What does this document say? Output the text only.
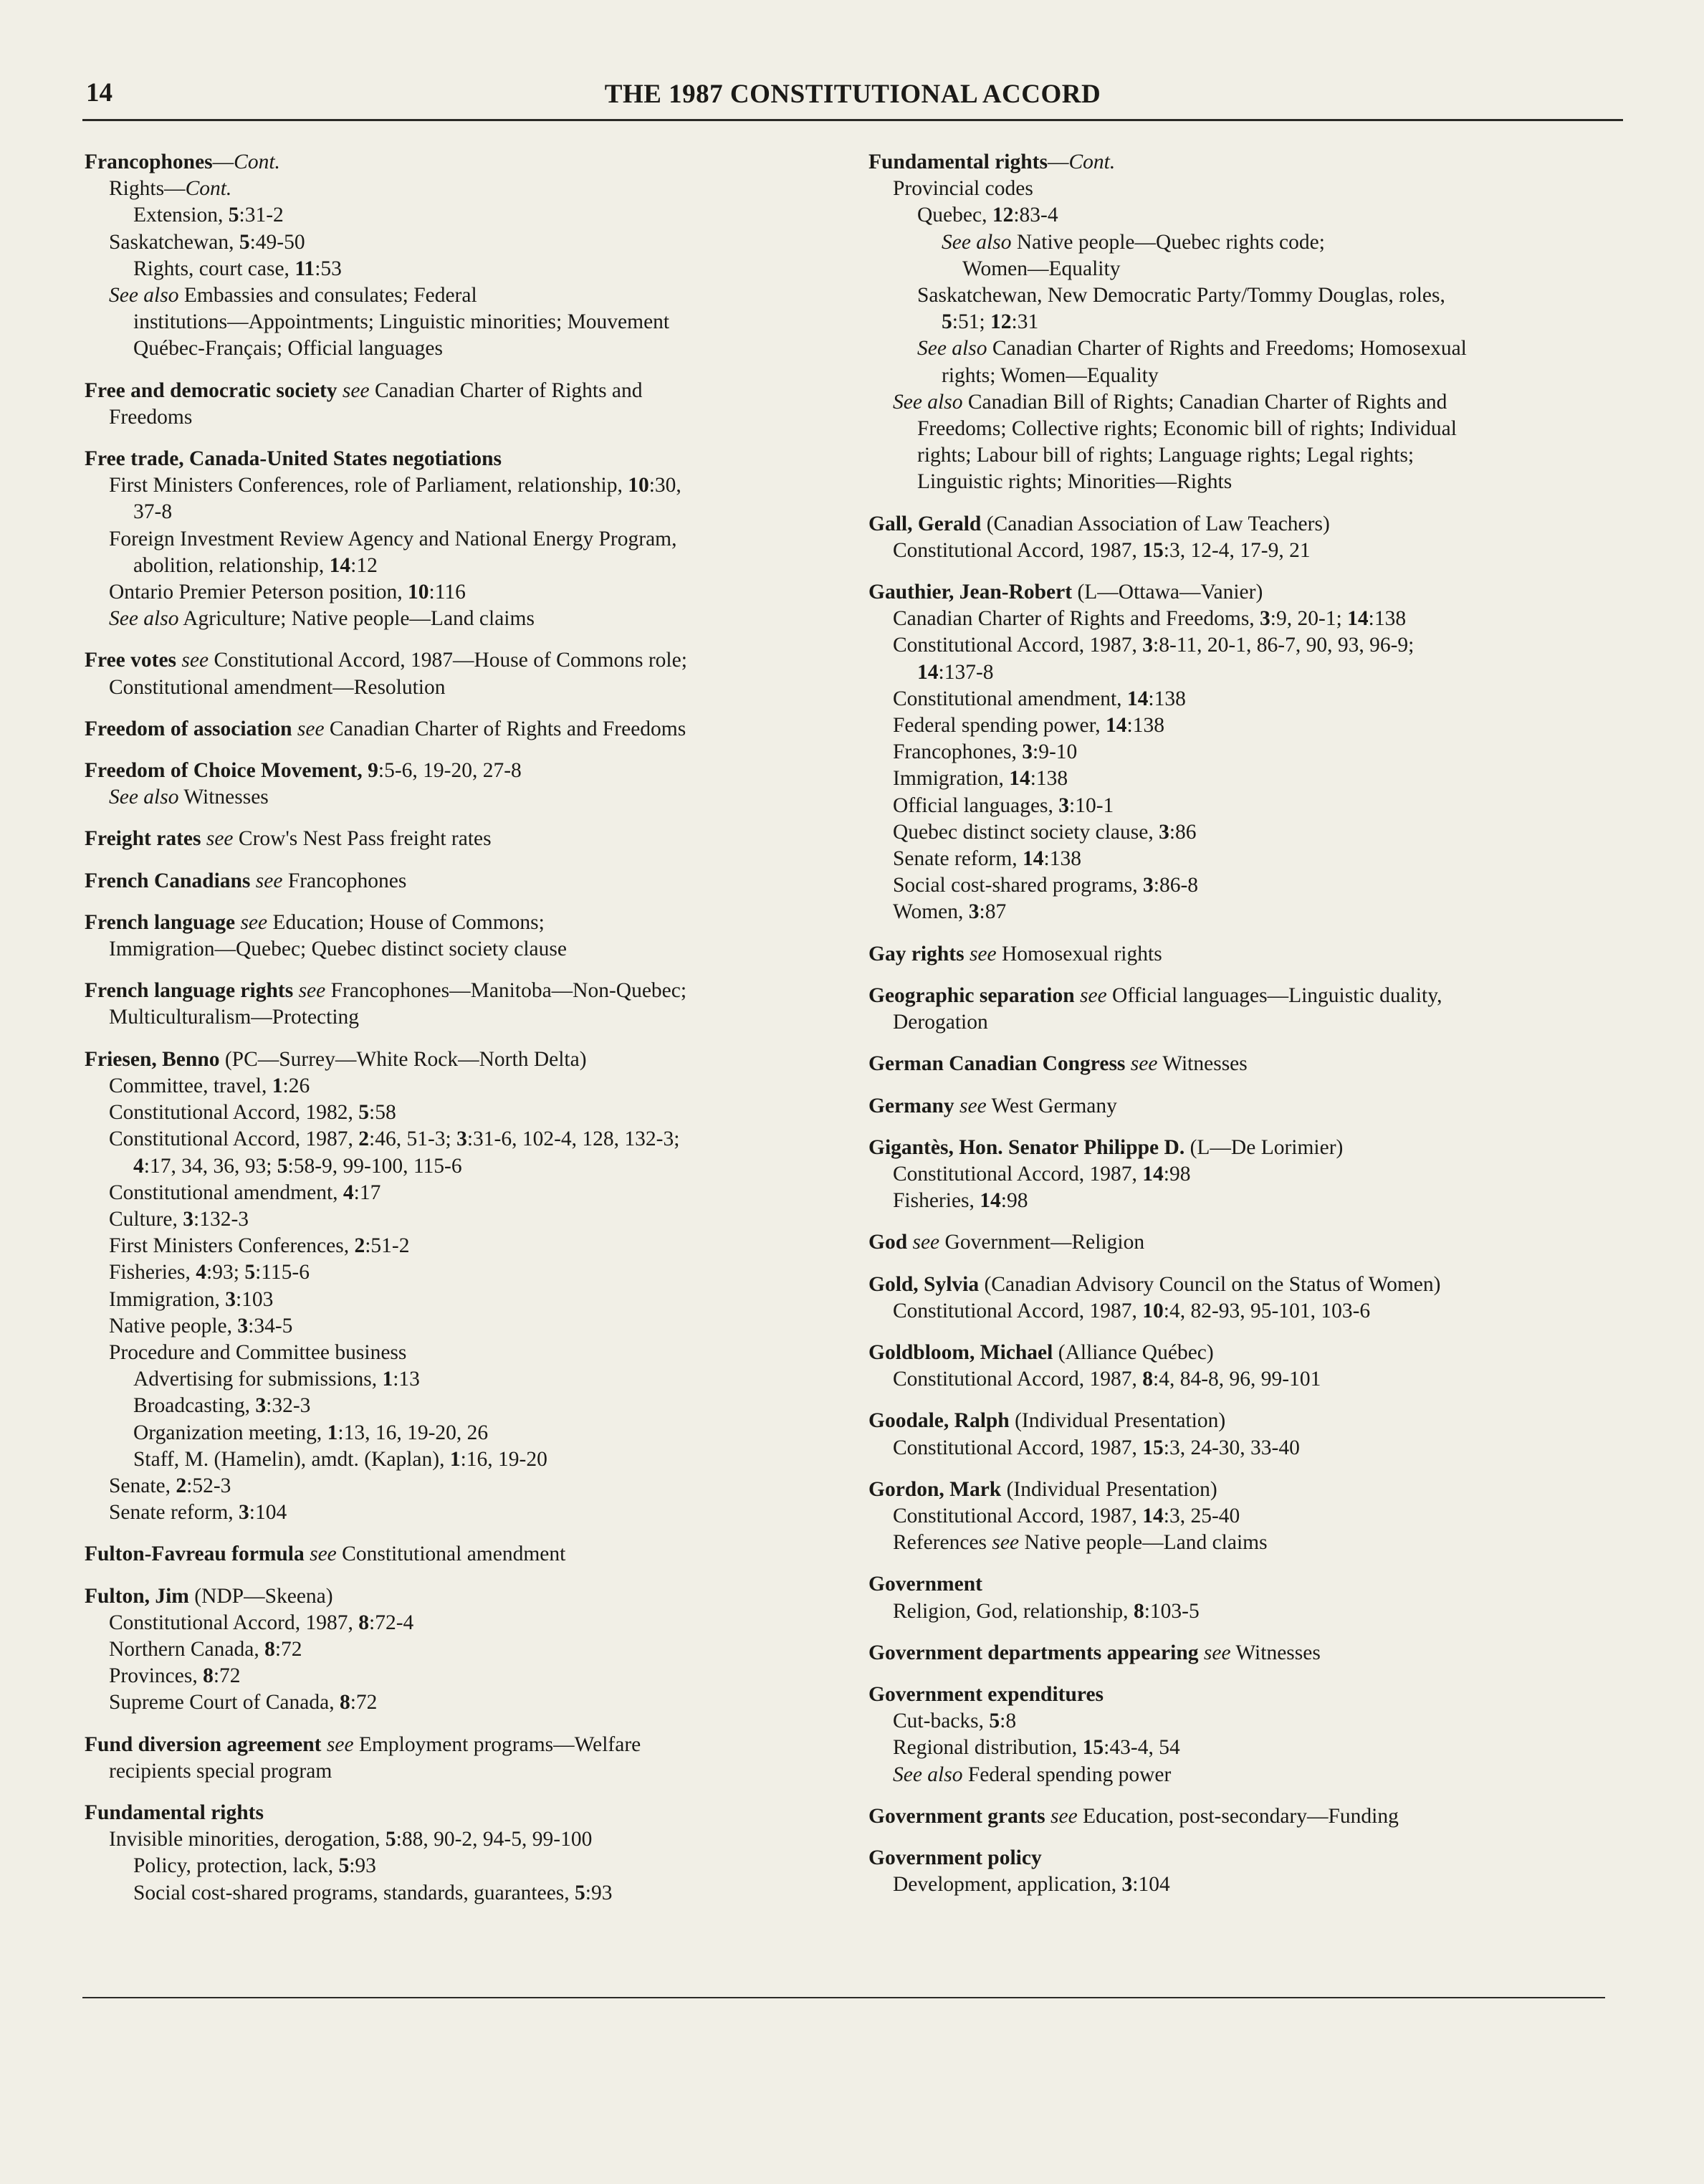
14	THE 1987 CONSTITUTIONAL ACCORD
Francophones—Cont.
Rights—Cont.
Extension, 5:31-2
Saskatchewan, 5:49-50
Rights, court case, 11:53
See also Embassies and consulates; Federal
institutions—Appointments; Linguistic minorities; Mouvement
Québec-Français; Official languages
Free and democratic society see Canadian Charter of Rights and
Freedoms
Free trade, Canada-United States negotiations
First Ministers Conferences, role of Parliament, relationship, 10:30,
37-8
Foreign Investment Review Agency and National Energy Program,
abolition, relationship, 14:12
Ontario Premier Peterson position, 10:116
See also Agriculture; Native people—Land claims
Free votes see Constitutional Accord, 1987—House of Commons role;
Constitutional amendment—Resolution
Freedom of association see Canadian Charter of Rights and Freedoms
Freedom of Choice Movement, 9:5-6, 19-20, 27-8
See also Witnesses
Freight rates see Crow's Nest Pass freight rates
French Canadians see Francophones
French language see Education; House of Commons;
Immigration—Quebec; Quebec distinct society clause
French language rights see Francophones—Manitoba—Non-Quebec;
Multiculturalism—Protecting
Friesen, Benno (PC—Surrey—White Rock—North Delta)
Committee, travel, 1:26
Constitutional Accord, 1982, 5:58
Constitutional Accord, 1987, 2:46, 51-3; 3:31-6, 102-4, 128, 132-3;
4:17, 34, 36, 93; 5:58-9, 99-100, 115-6
Constitutional amendment, 4:17
Culture, 3:132-3
First Ministers Conferences, 2:51-2
Fisheries, 4:93; 5:115-6
Immigration, 3:103
Native people, 3:34-5
Procedure and Committee business
Advertising for submissions, 1:13
Broadcasting, 3:32-3
Organization meeting, 1:13, 16, 19-20, 26
Staff, M. (Hamelin), amdt. (Kaplan), 1:16, 19-20
Senate, 2:52-3
Senate reform, 3:104
Fulton-Favreau formula see Constitutional amendment
Fulton, Jim (NDP—Skeena)
Constitutional Accord, 1987, 8:72-4
Northern Canada, 8:72
Provinces, 8:72
Supreme Court of Canada, 8:72
Fund diversion agreement see Employment programs—Welfare
recipients special program
Fundamental rights
Invisible minorities, derogation, 5:88, 90-2, 94-5, 99-100
Policy, protection, lack, 5:93
Social cost-shared programs, standards, guarantees, 5:93
Fundamental rights—Cont.
Provincial codes
Quebec, 12:83-4
See also Native people—Quebec rights code;
Women—Equality
Saskatchewan, New Democratic Party/Tommy Douglas, roles,
5:51; 12:31
See also Canadian Charter of Rights and Freedoms; Homosexual
rights; Women—Equality
See also Canadian Bill of Rights; Canadian Charter of Rights and
Freedoms; Collective rights; Economic bill of rights; Individual
rights; Labour bill of rights; Language rights; Legal rights;
Linguistic rights; Minorities—Rights
Gall, Gerald (Canadian Association of Law Teachers)
Constitutional Accord, 1987, 15:3, 12-4, 17-9, 21
Gauthier, Jean-Robert (L—Ottawa—Vanier)
Canadian Charter of Rights and Freedoms, 3:9, 20-1; 14:138
Constitutional Accord, 1987, 3:8-11, 20-1, 86-7, 90, 93, 96-9;
14:137-8
Constitutional amendment, 14:138
Federal spending power, 14:138
Francophones, 3:9-10
Immigration, 14:138
Official languages, 3:10-1
Quebec distinct society clause, 3:86
Senate reform, 14:138
Social cost-shared programs, 3:86-8
Women, 3:87
Gay rights see Homosexual rights
Geographic separation see Official languages—Linguistic duality,
Derogation
German Canadian Congress see Witnesses
Germany see West Germany
Gigantès, Hon. Senator Philippe D. (L—De Lorimier)
Constitutional Accord, 1987, 14:98
Fisheries, 14:98
God see Government—Religion
Gold, Sylvia (Canadian Advisory Council on the Status of Women)
Constitutional Accord, 1987, 10:4, 82-93, 95-101, 103-6
Goldbloom, Michael (Alliance Québec)
Constitutional Accord, 1987, 8:4, 84-8, 96, 99-101
Goodale, Ralph (Individual Presentation)
Constitutional Accord, 1987, 15:3, 24-30, 33-40
Gordon, Mark (Individual Presentation)
Constitutional Accord, 1987, 14:3, 25-40
References see Native people—Land claims
Government
Religion, God, relationship, 8:103-5
Government departments appearing see Witnesses
Government expenditures
Cut-backs, 5:8
Regional distribution, 15:43-4, 54
See also Federal spending power
Government grants see Education, post-secondary—Funding
Government policy
Development, application, 3:104
